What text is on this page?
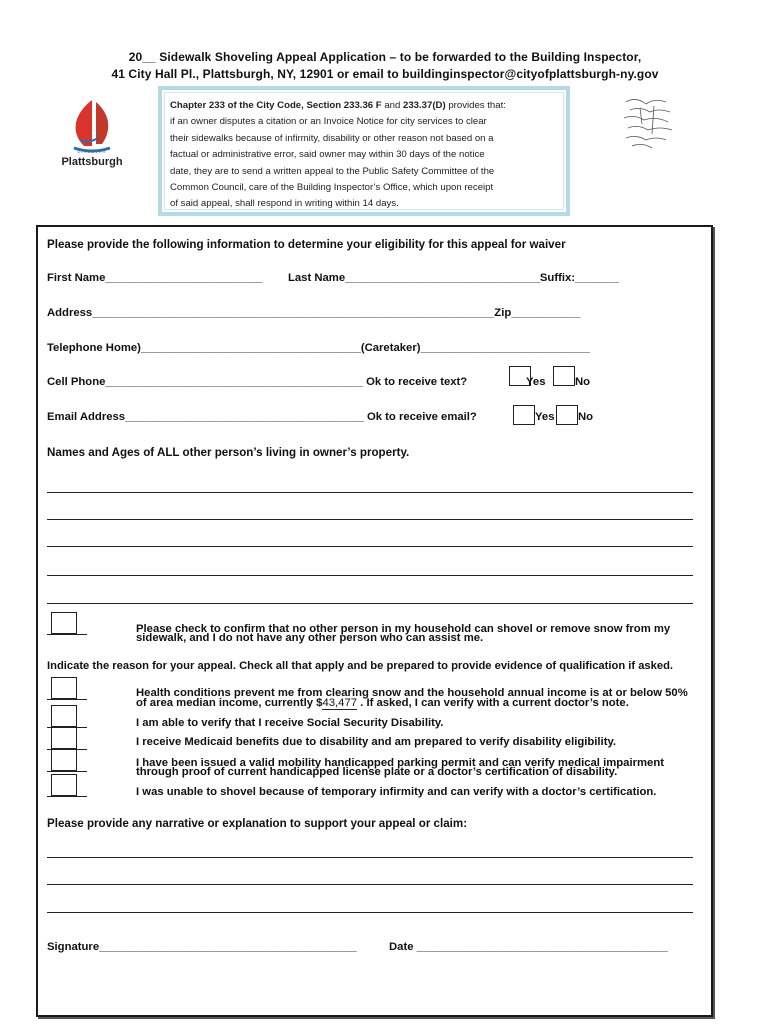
20__ Sidewalk Shoveling Appeal Application – to be forwarded to the Building Inspector,
41 City Hall Pl., Plattsburgh, NY, 12901 or email to buildinginspector@cityofplattsburgh-ny.gov
DISCOVER
Plattsburgh
Chapter 233 of the City Code, Section 233.36 F and 233.37(D) provides that:
if an owner disputes a citation or an Invoice Notice for city services to clear
their sidewalks because of infirmity, disability or other reason not based on a
factual or administrative error, said owner may within 30 days of the notice
date, they are to send a written appeal to the Public Safety Committee of the
Common Council, care of the Building Inspector’s Office, which upon receipt
of said appeal, shall respond in writing within 14 days.
Please provide the following information to determine your eligibility for this appeal for waiver
First Name_________________________ Last Name_______________________________Suffix:_______
Address________________________________________________________________Zip___________
Telephone Home)___________________________________(Caretaker)___________________________
Cell Phone_________________________________________ Ok to receive text?	Yes	No
Email Address______________________________________ Ok to receive email?	Yes No
Names and Ages of ALL other person’s living in owner’s property.
Please check to confirm that no other person in my household can shovel or remove snow from my
sidewalk, and I do not have any other person who can assist me.
Indicate the reason for your appeal. Check all that apply and be prepared to provide evidence of qualification if asked.
Health conditions prevent me from clearing snow and the household annual income is at or below 50%
of area median income, currently $43,477 . If asked, I can verify with a current doctor’s note.
I am able to verify that I receive Social Security Disability.
I receive Medicaid benefits due to disability and am prepared to verify disability eligibility.
I have been issued a valid mobility handicapped parking permit and can verify medical impairment
through proof of current handicapped license plate or a doctor’s certification of disability.
I was unable to shovel because of temporary infirmity and can verify with a doctor’s certification.
Please provide any narrative or explanation to support your appeal or claim:
Signature_________________________________________	Date ________________________________________
